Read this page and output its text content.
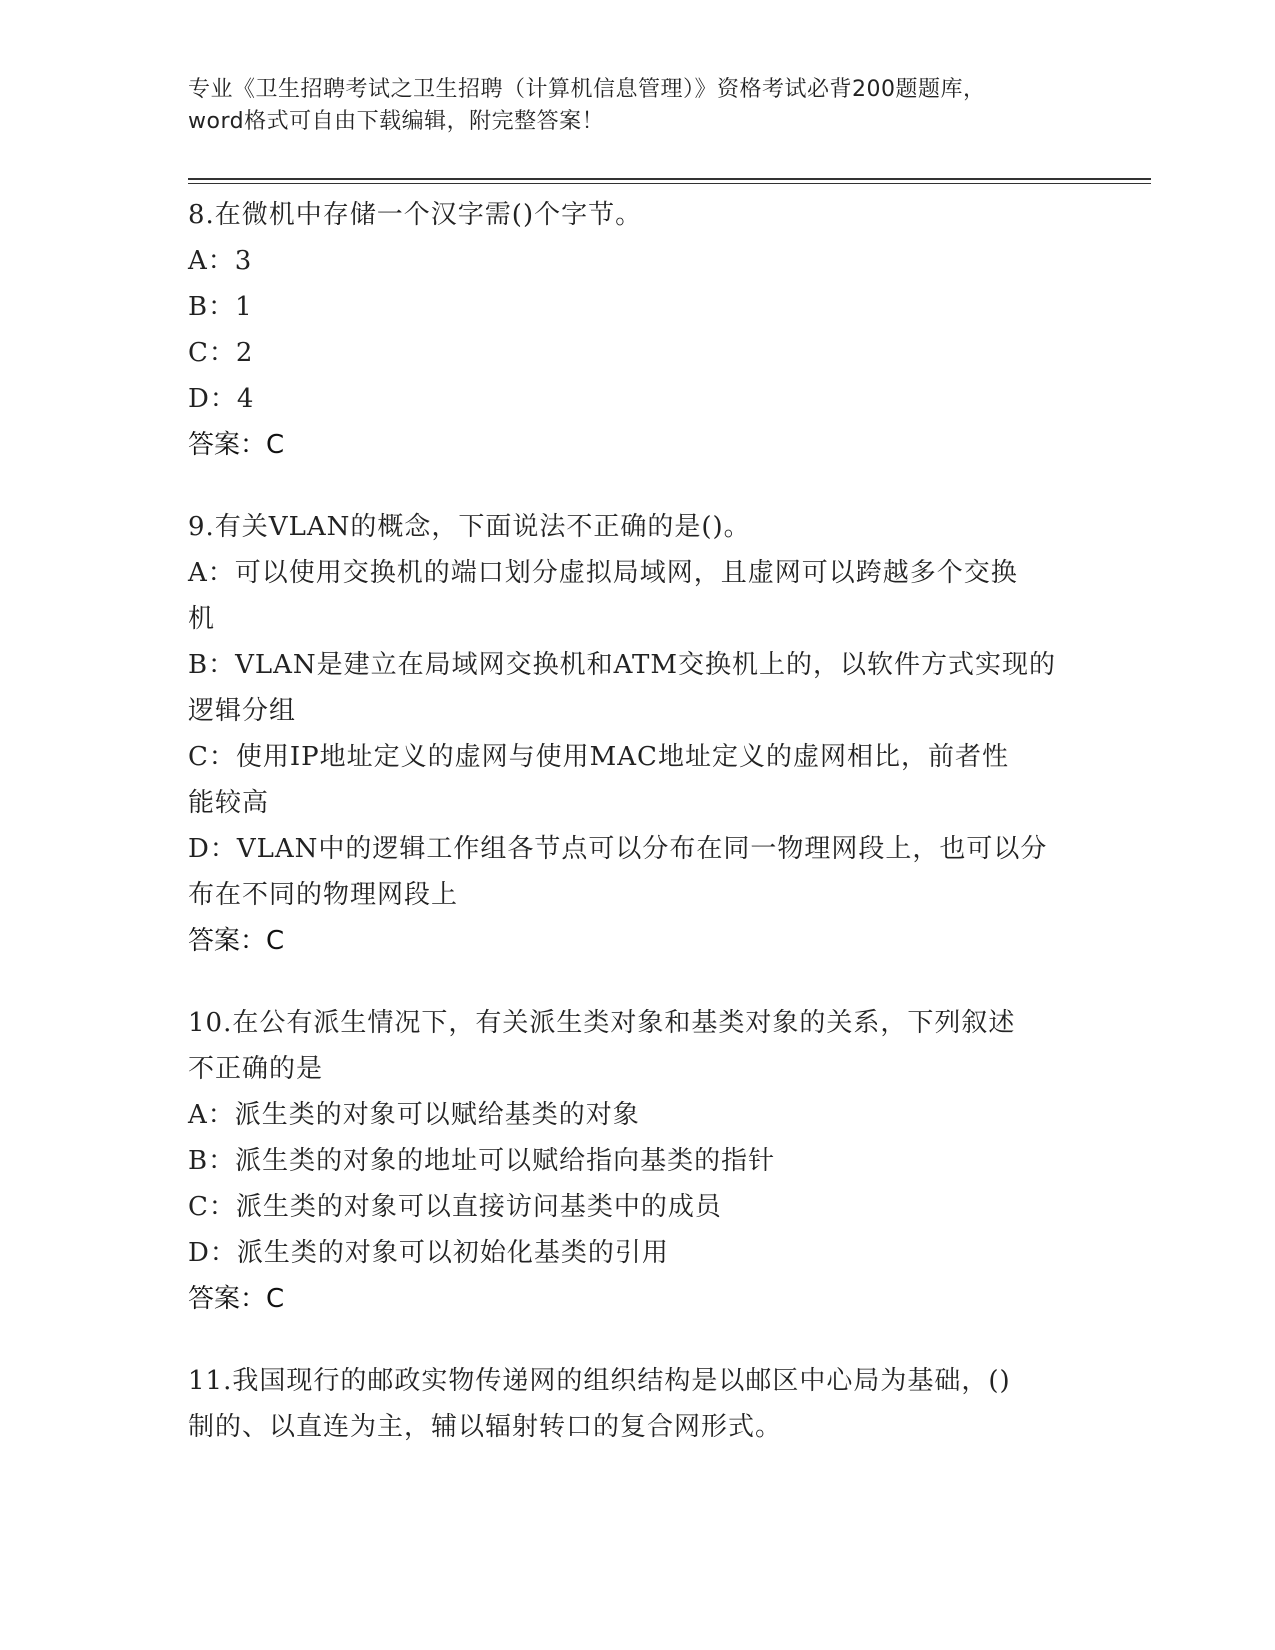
专业《卫生招聘考试之卫生招聘（计算机信息管理）》资格考试必背200题题库，
word格式可自由下载编辑，附完整答案！

8.在微机中存储一个汉字需()个字节。

A：3

B：1

C：2

D：4

答案：C

9.有关VLAN的概念，下面说法不正确的是()。

A：可以使用交换机的端口划分虚拟局域网，且虚网可以跨越多个交换

机

B：VLAN是建立在局域网交换机和ATM交换机上的，以软件方式实现的

逻辑分组

C：使用IP地址定义的虚网与使用MAC地址定义的虚网相比，前者性

能较高

D：VLAN中的逻辑工作组各节点可以分布在同一物理网段上，也可以分

布在不同的物理网段上

答案：C

10.在公有派生情况下，有关派生类对象和基类对象的关系，下列叙述

不正确的是

A：派生类的对象可以赋给基类的对象

B：派生类的对象的地址可以赋给指向基类的指针

C：派生类的对象可以直接访问基类中的成员

D：派生类的对象可以初始化基类的引用

答案：C

11.我国现行的邮政实物传递网的组织结构是以邮区中心局为基础，()

制的、以直连为主，辅以辐射转口的复合网形式。
